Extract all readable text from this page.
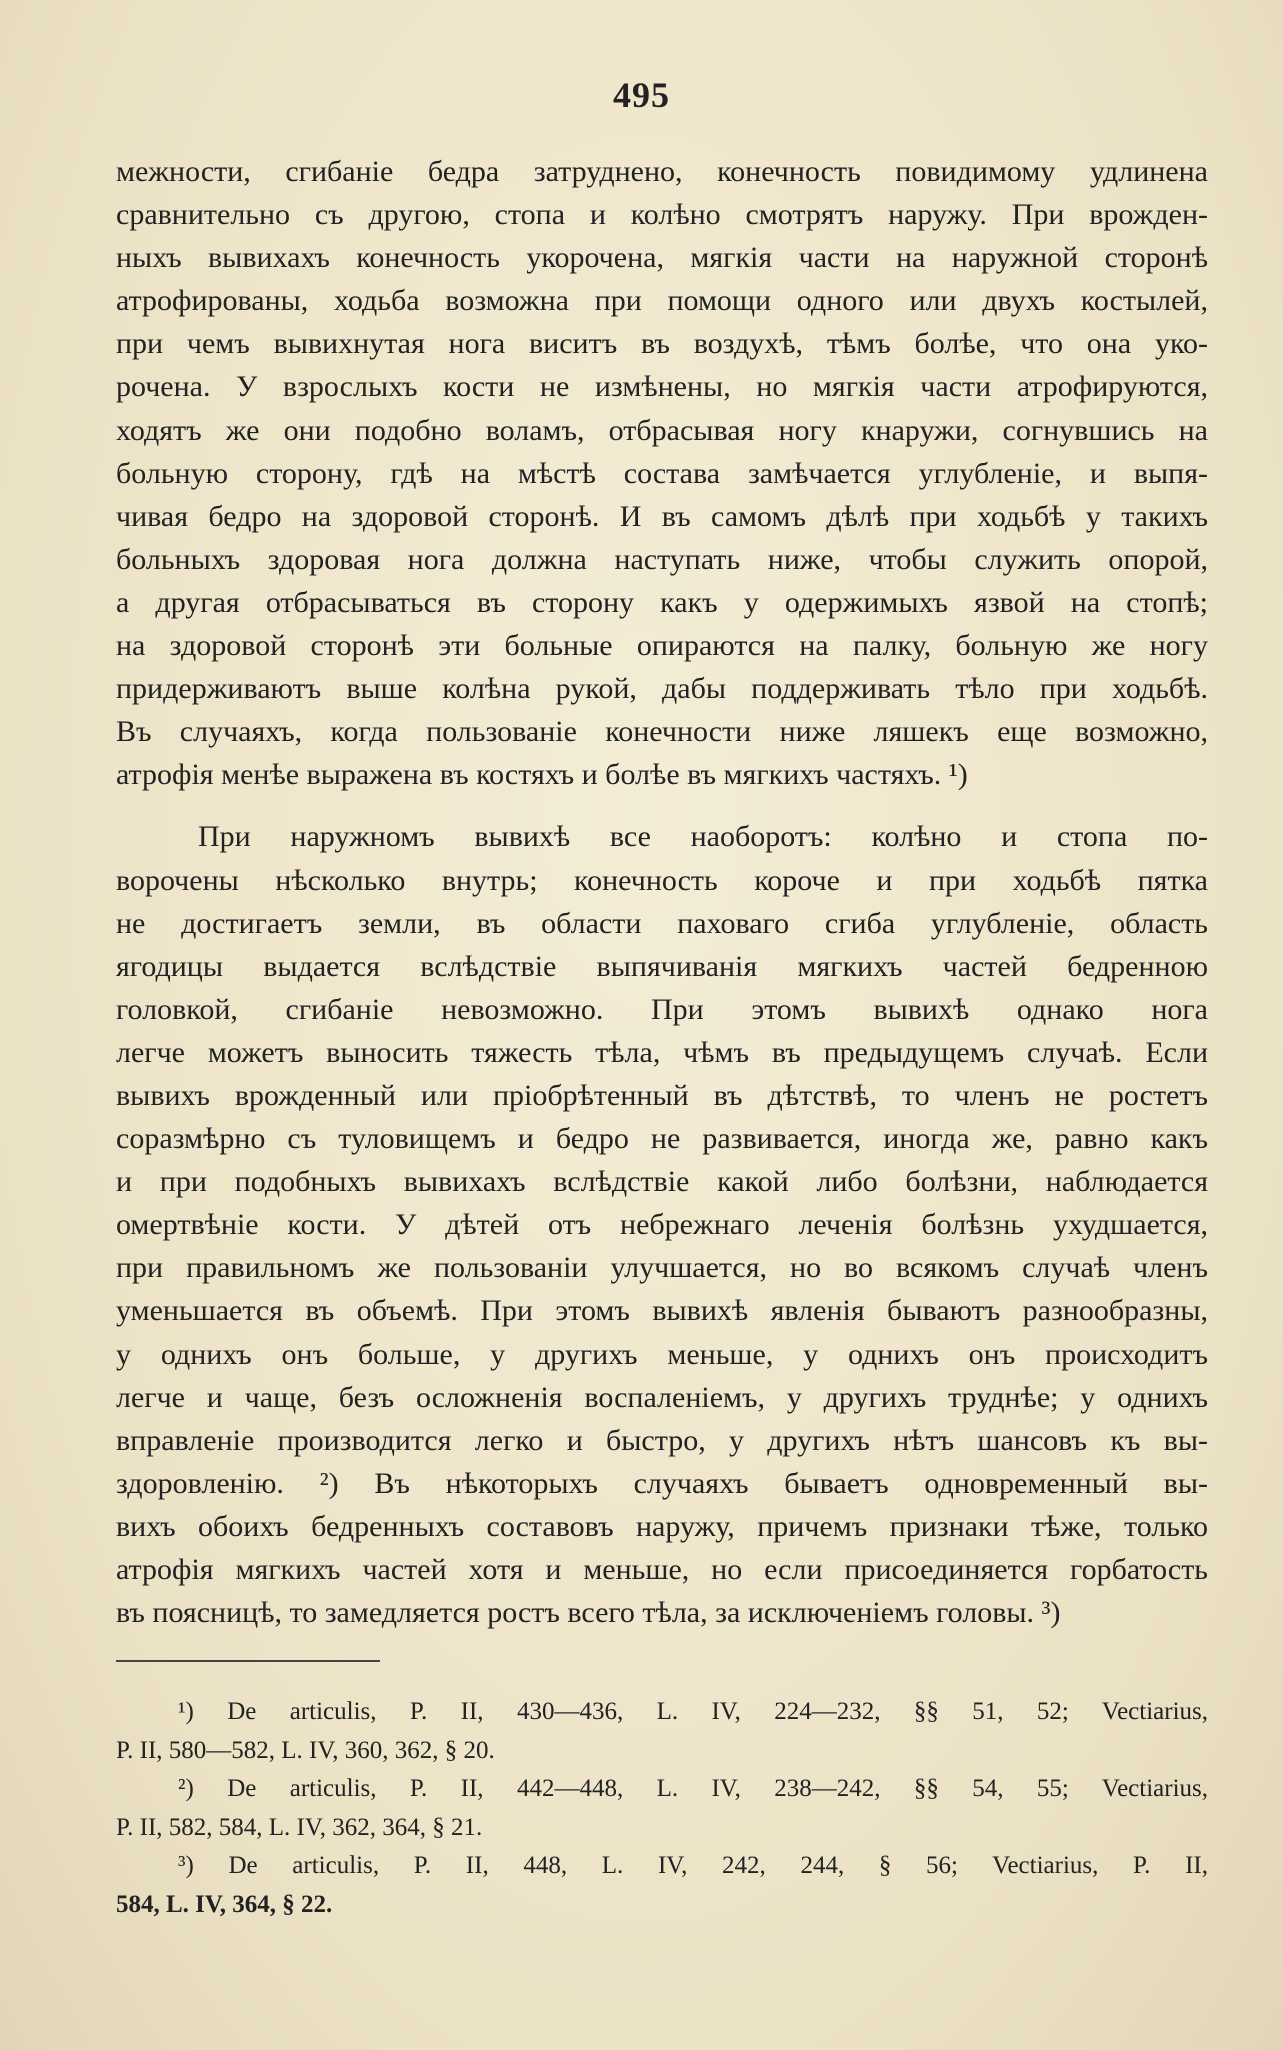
495
межности, сгибаніе бедра затруднено, конечность повидимому удлинена
сравнительно съ другою, стопа и колѣно смотрятъ наружу. При врожден-
ныхъ вывихахъ конечность укорочена, мягкія части на наружной сторонѣ
атрофированы, ходьба возможна при помощи одного или двухъ костылей,
при чемъ вывихнутая нога виситъ въ воздухѣ, тѣмъ болѣе, что она уко-
рочена. У взрослыхъ кости не измѣнены, но мягкія части атрофируются,
ходятъ же они подобно воламъ, отбрасывая ногу кнаружи, согнувшись на
больную сторону, гдѣ на мѣстѣ состава замѣчается углубленіе, и выпя-
чивая бедро на здоровой сторонѣ. И въ самомъ дѣлѣ при ходьбѣ у такихъ
больныхъ здоровая нога должна наступать ниже, чтобы служить опорой,
а другая отбрасываться въ сторону какъ у одержимыхъ язвой на стопѣ;
на здоровой сторонѣ эти больные опираются на палку, больную же ногу
придерживаютъ выше колѣна рукой, дабы поддерживать тѣло при ходьбѣ.
Въ случаяхъ, когда пользованіе конечности ниже ляшекъ еще возможно,
атрофія менѣе выражена въ костяхъ и болѣе въ мягкихъ частяхъ. ¹)
При наружномъ вывихѣ все наоборотъ: колѣно и стопа по-
ворочены нѣсколько внутрь; конечность короче и при ходьбѣ пятка
не достигаетъ земли, въ области паховаго сгиба углубленіе, область
ягодицы выдается вслѣдствіе выпячиванія мягкихъ частей бедренною
головкой, сгибаніе невозможно. При этомъ вывихѣ однако нога
легче можетъ выносить тяжесть тѣла, чѣмъ въ предыдущемъ случаѣ. Если
вывихъ врожденный или пріобрѣтенный въ дѣтствѣ, то членъ не ростетъ
соразмѣрно съ туловищемъ и бедро не развивается, иногда же, равно какъ
и при подобныхъ вывихахъ вслѣдствіе какой либо болѣзни, наблюдается
омертвѣніе кости. У дѣтей отъ небрежнаго леченія болѣзнь ухудшается,
при правильномъ же пользованіи улучшается, но во всякомъ случаѣ членъ
уменьшается въ объемѣ. При этомъ вывихѣ явленія бываютъ разнообразны,
у однихъ онъ больше, у другихъ меньше, у однихъ онъ происходитъ
легче и чаще, безъ осложненія воспаленіемъ, у другихъ труднѣе; у однихъ
вправленіе производится легко и быстро, у другихъ нѣтъ шансовъ къ вы-
здоровленію. ²) Въ нѣкоторыхъ случаяхъ бываетъ одновременный вы-
вихъ обоихъ бедренныхъ составовъ наружу, причемъ признаки тѣже, только
атрофія мягкихъ частей хотя и меньше, но если присоединяется горбатость
въ поясницѣ, то замедляется ростъ всего тѣла, за исключеніемъ головы. ³)
¹) De articulis, P. II, 430—436, L. IV, 224—232, §§ 51, 52; Vectiarius,
P. II, 580—582, L. IV, 360, 362, § 20.
²) De articulis, P. II, 442—448, L. IV, 238—242, §§ 54, 55; Vectiarius,
P. II, 582, 584, L. IV, 362, 364, § 21.
³) De articulis, P. II, 448, L. IV, 242, 244, § 56; Vectiarius, P. II,
584, L. IV, 364, § 22.
